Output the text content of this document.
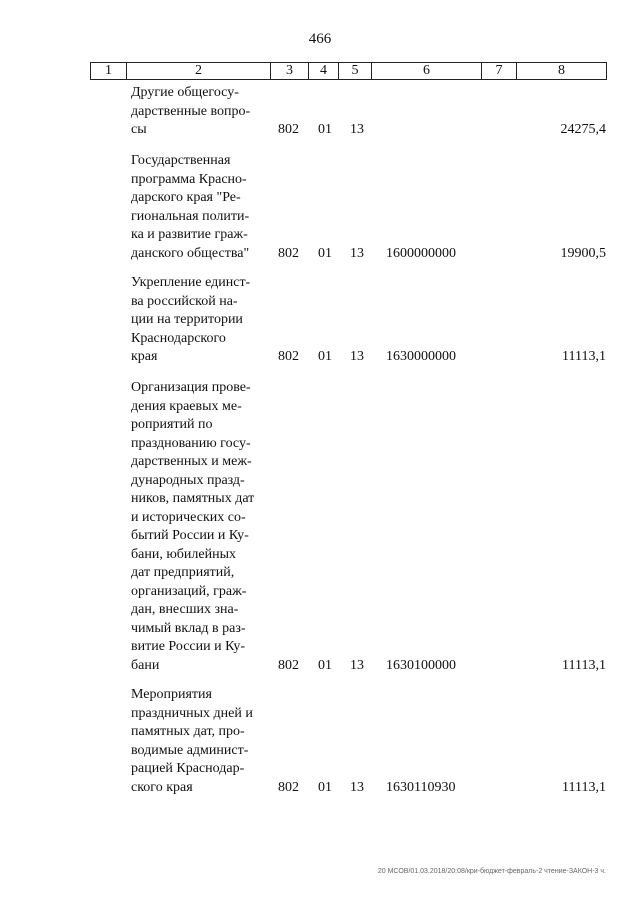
466
1	2	3	4	5	6	7	8
Другие общегосу-
дарственные вопро-
сы	802 01 13	24275,4
Государственная
программа Красно-
дарского края "Ре-
гиональная полити-
ка и развитие граж-
данского общества"	802 01 13 1600000000	19900,5
Укрепление единст-
ва российской на-
ции на территории
Краснодарского
края	802 01 13 1630000000	11113,1
Организация прове-
дения краевых ме-
роприятий по
празднованию госу-
дарственных и меж-
дународных празд-
ников, памятных дат
и исторических со-
бытий России и Ку-
бани, юбилейных
дат предприятий,
организаций, граж-
дан, внесших зна-
чимый вклад в раз-
витие России и Ку-
бани	802 01 13 1630100000	11113,1
Мероприятия
праздничных дней и
памятных дат, про-
водимые админист-
рацией Краснодар-
ского края	802 01 13 1630110930	11113,1
20 МСОВ/01.03.2018/20:08/кри-бюджет-февраль-2 чтение-ЗАКОН-3 ч.
